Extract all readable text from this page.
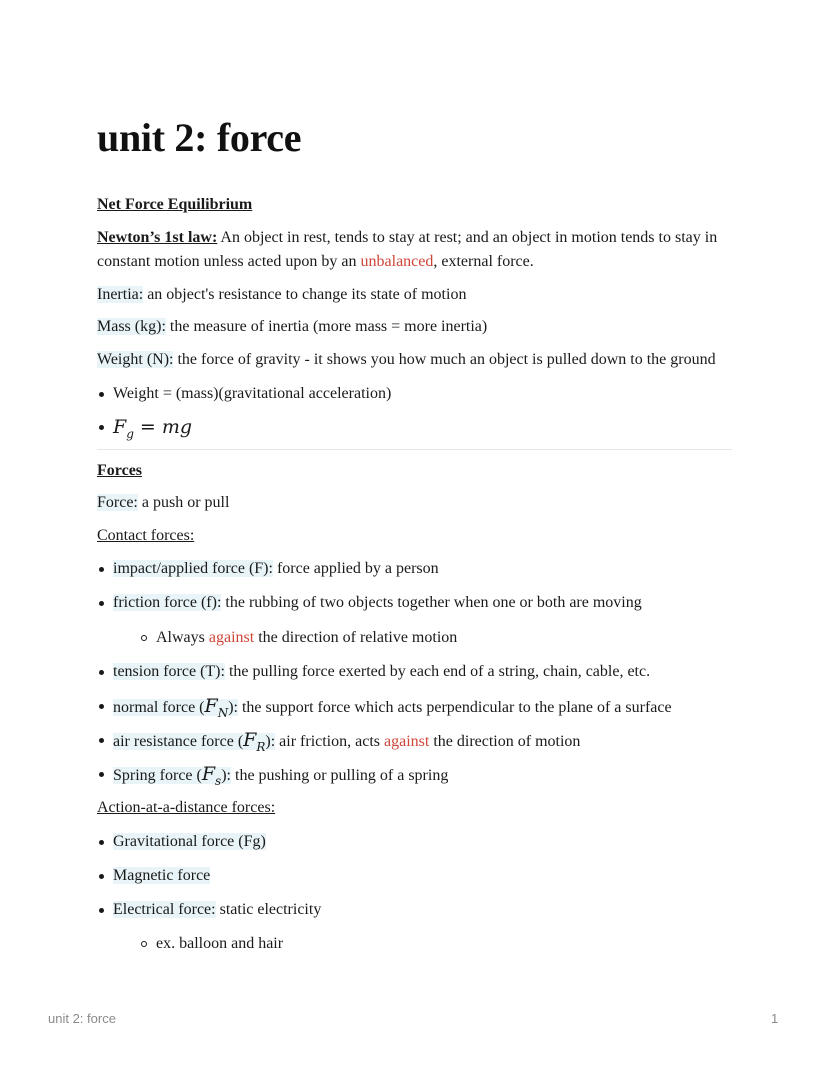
unit 2: force

Net Force Equilibrium

Newton’s 1st law: An object in rest, tends to stay at rest; and an object in motion tends to stay in constant motion unless acted upon by an unbalanced, external force.

Inertia: an object's resistance to change its state of motion

Mass (kg): the measure of inertia (more mass = more inertia)

Weight (N): the force of gravity - it shows you how much an object is pulled down to the ground

Weight = (mass)(gravitational acceleration)
$F_g$ = mg

Forces

Force: a push or pull

Contact forces:

impact/applied force (F): force applied by a person
friction force (f): the rubbing of two objects together when one or both are moving
Always against the direction of relative motion
tension force (T): the pulling force exerted by each end of a string, chain, cable, etc.
normal force $(F_N)$: the support force which acts perpendicular to the plane of a surface
air resistance force $(F_R)$: air friction, acts against the direction of motion
Spring force $(F_s)$: the pushing or pulling of a spring

Action-at-a-distance forces:

Gravitational force (Fg)
Magnetic force
Electrical force: static electricity
ex. balloon and hair
unit 2: force	1
